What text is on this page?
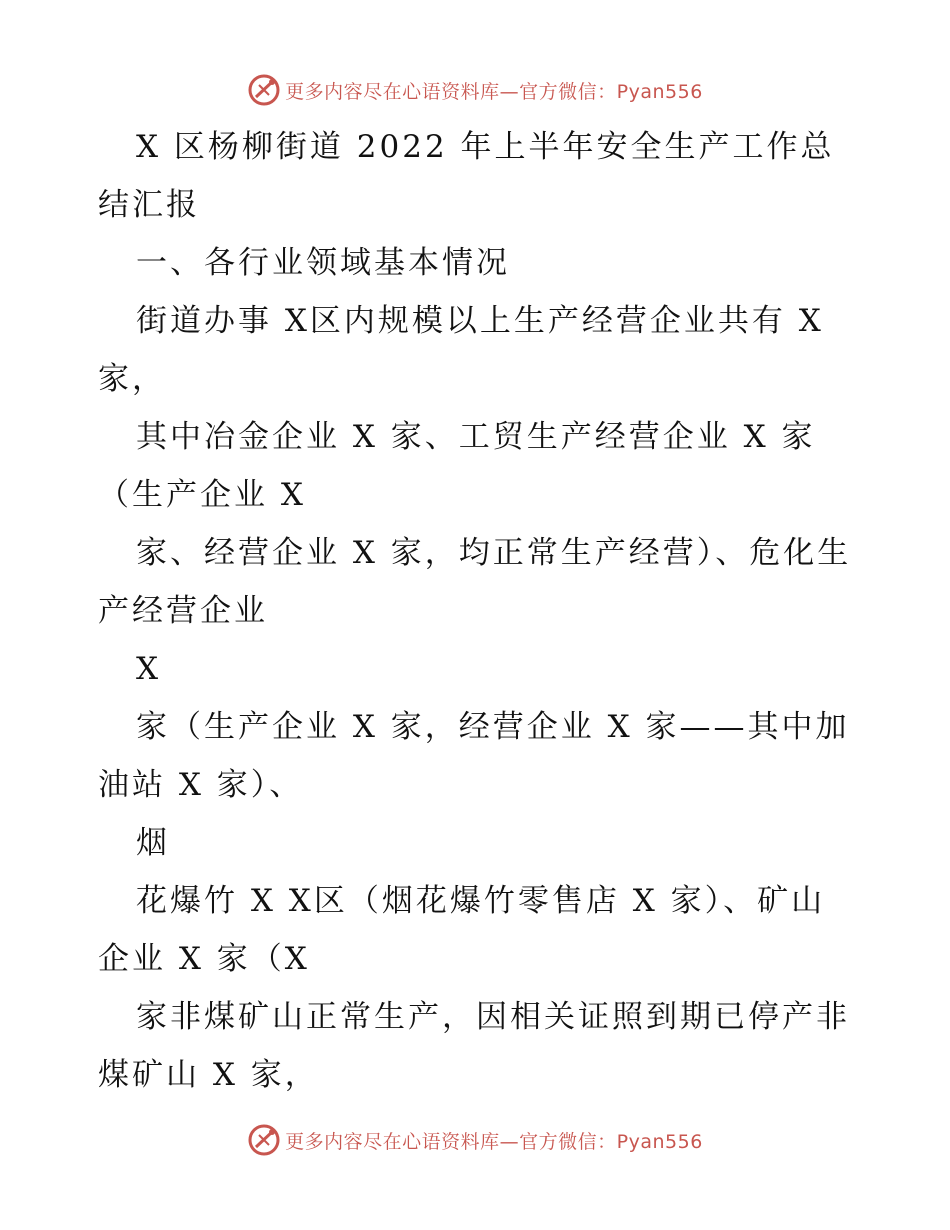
更多内容尽在心语资料库—官方微信：Pyan556

X 区杨柳街道 2022 年上半年安全生产工作总结汇报

一、各行业领域基本情况

街道办事 X区内规模以上生产经营企业共有 X家，

其中冶金企业 X 家、工贸生产经营企业 X 家（生产企业 X

家、经营企业 X 家，均正常生产经营）、危化生产经营企业

X

家（生产企业 X 家，经营企业 X 家——其中加油站 X 家）、

烟

花爆竹 X X区（烟花爆竹零售店 X 家）、矿山企业 X 家（X

家非煤矿山正常生产，因相关证照到期已停产非煤矿山 X 家，

更多内容尽在心语资料库—官方微信：Pyan556
